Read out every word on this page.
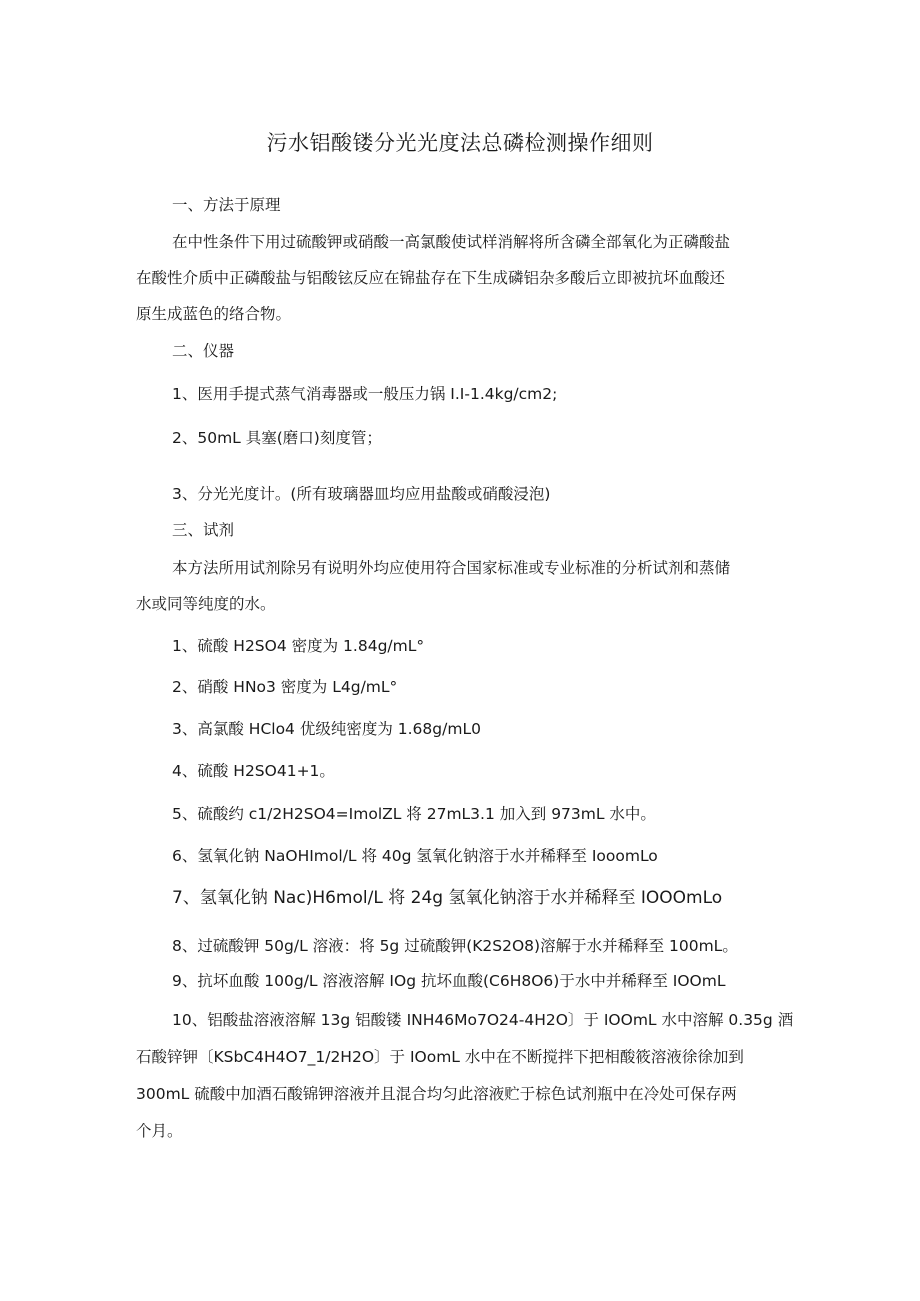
污水铝酸镂分光光度法总磷检测操作细则
一、方法于原理
在中性条件下用过硫酸钾或硝酸一高氯酸使试样消解将所含磷全部氧化为正磷酸盐
在酸性介质中正磷酸盐与铝酸铉反应在锦盐存在下生成磷铝杂多酸后立即被抗坏血酸还
原生成蓝色的络合物。
二、仪器
1、医用手提式蒸气消毒器或一般压力锅 I.I-1.4kg∕cm2;
2、50mL 具塞(磨口)刻度管；
3、分光光度计。(所有玻璃器皿均应用盐酸或硝酸浸泡)
三、试剂
本方法所用试剂除另有说明外均应使用符合国家标准或专业标准的分析试剂和蒸储
水或同等纯度的水。
1、硫酸 H2SO4 密度为 1.84g∕mL°
2、硝酸 HNo3 密度为 L4g∕mL°
3、高氯酸 HClo4 优级纯密度为 1.68g∕mL0
4、硫酸 H2SO41+1。
5、硫酸约 c1/2H2SO4=ImolZL 将 27mL3.1 加入到 973mL 水中。
6、氢氧化钠 NaOHImol∕L 将 40g 氢氧化钠溶于水并稀释至 IooomLo
7、氢氧化钠 Nac)H6mol∕L 将 24g 氢氧化钠溶于水并稀释至 IOOOmLo
8、过硫酸钾 50g∕L 溶液：将 5g 过硫酸钾(K2S2O8)溶解于水并稀释至 100mL。
9、抗坏血酸 100g∕L 溶液溶解 IOg 抗坏血酸(C6H8O6)于水中并稀释至 IOOmL
10、铝酸盐溶液溶解 13g 铝酸镂 INH46Mo7O24-4H2O〕于 IOOmL 水中溶解 0.35g 酒
石酸锌钾〔KSbC4H4O7_1/2H2O〕于 IOomL 水中在不断搅拌下把相酸筱溶液徐徐加到
300mL 硫酸中加酒石酸锦钾溶液并且混合均匀此溶液贮于棕色试剂瓶中在冷处可保存两
个月。
